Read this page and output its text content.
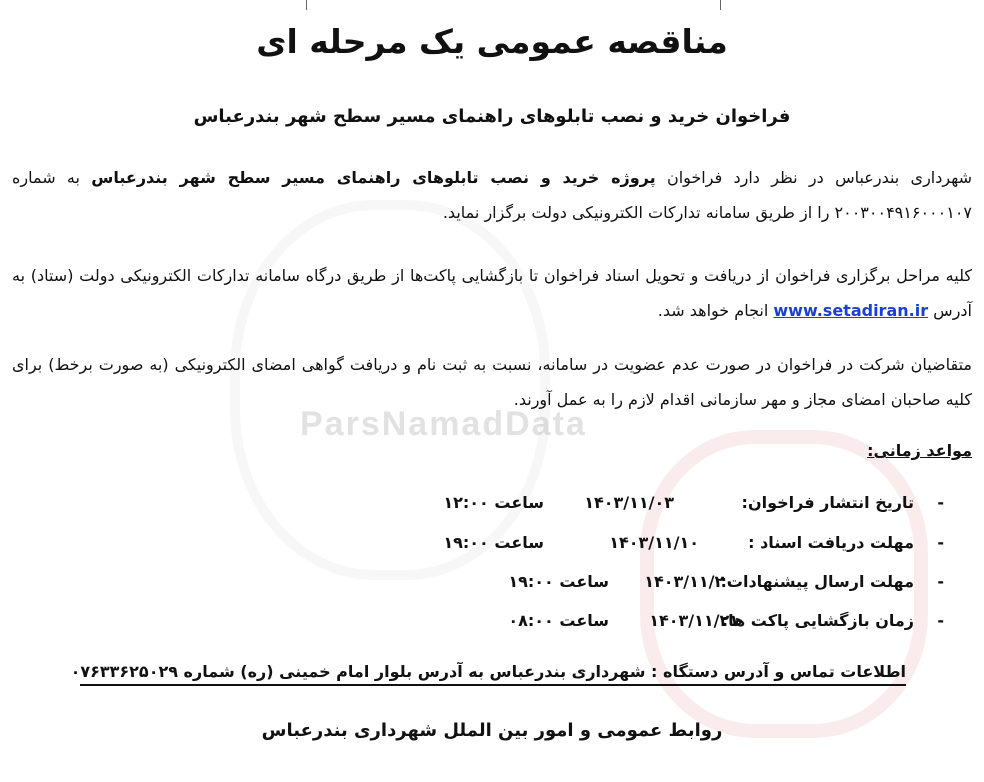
ParsNamadData
مناقصه عمومی یک مرحله ای
فراخوان خرید و نصب تابلوهای راهنمای مسیر سطح شهر بندرعباس
شهرداری بندرعباس در نظر دارد فراخوان پروژه خرید و نصب تابلوهای راهنمای مسیر سطح شهر بندرعباس به شماره ۲۰۰۳۰۰۴۹۱۶۰۰۰۱۰۷ را از طریق سامانه تدارکات الکترونیکی دولت برگزار نماید.
کلیه مراحل برگزاری فراخوان از دریافت و تحویل اسناد فراخوان تا بازگشایی پاکت‌ها از طریق درگاه سامانه تدارکات الکترونیکی دولت (ستاد) به آدرس www.setadiran.ir انجام خواهد شد.
متقاضیان شرکت در فراخوان در صورت عدم عضویت در سامانه، نسبت به ثبت نام و دریافت گواهی امضای الکترونیکی (به صورت برخط) برای کلیه صاحبان امضای مجاز و مهر سازمانی اقدام لازم را به عمل آورند.
مواعد زمانی:
-
تاریخ انتشار فراخوان:
۱۴۰۳/۱۱/۰۳
ساعت ۱۲:۰۰
-
مهلت دریافت اسناد :
۱۴۰۳/۱۱/۱۰
ساعت ۱۹:۰۰
-
مهلت ارسال پیشنهادات:
۱۴۰۳/۱۱/۲۰
ساعت ۱۹:۰۰
-
زمان بازگشایی پاکت ها:
۱۴۰۳/۱۱/۲۱
ساعت ۰۸:۰۰
اطلاعات تماس و آدرس دستگاه : شهرداری بندرعباس به آدرس بلوار امام خمینی (ره) شماره ۰۷۶۳۳۶۲۵۰۲۹
روابط عمومی و امور بین الملل شهرداری بندرعباس
